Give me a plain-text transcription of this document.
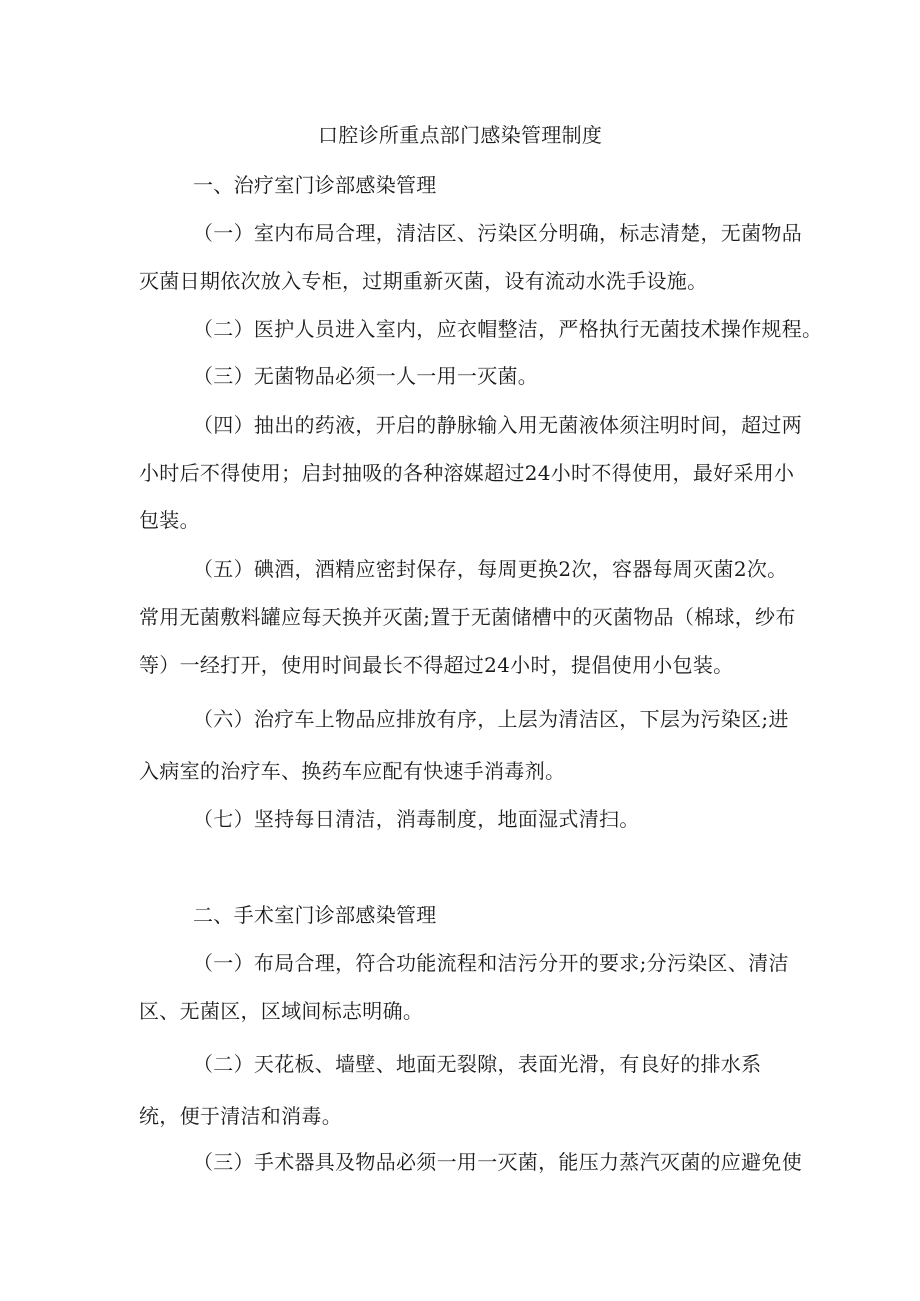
口腔诊所重点部门感染管理制度
一、治疗室门诊部感染管理
（一）室内布局合理，清洁区、污染区分明确，标志清楚，无菌物品
灭菌日期依次放入专柜，过期重新灭菌，设有流动水洗手设施。
（二）医护人员进入室内，应衣帽整洁，严格执行无菌技术操作规程。
（三）无菌物品必须一人一用一灭菌。
（四）抽出的药液，开启的静脉输入用无菌液体须注明时间，超过两
小时后不得使用；启封抽吸的各种溶媒超过24小时不得使用，最好采用小
包装。
（五）碘酒，酒精应密封保存，每周更换2次，容器每周灭菌2次。
常用无菌敷料罐应每天换并灭菌;置于无菌储槽中的灭菌物品（棉球，纱布
等）一经打开，使用时间最长不得超过24小时，提倡使用小包装。
（六）治疗车上物品应排放有序，上层为清洁区，下层为污染区;进
入病室的治疗车、换药车应配有快速手消毒剂。
（七）坚持每日清洁，消毒制度，地面湿式清扫。
二、手术室门诊部感染管理
（一）布局合理，符合功能流程和洁污分开的要求;分污染区、清洁
区、无菌区，区域间标志明确。
（二）天花板、墙壁、地面无裂隙，表面光滑，有良好的排水系
统，便于清洁和消毒。
（三）手术器具及物品必须一用一灭菌，能压力蒸汽灭菌的应避免使
